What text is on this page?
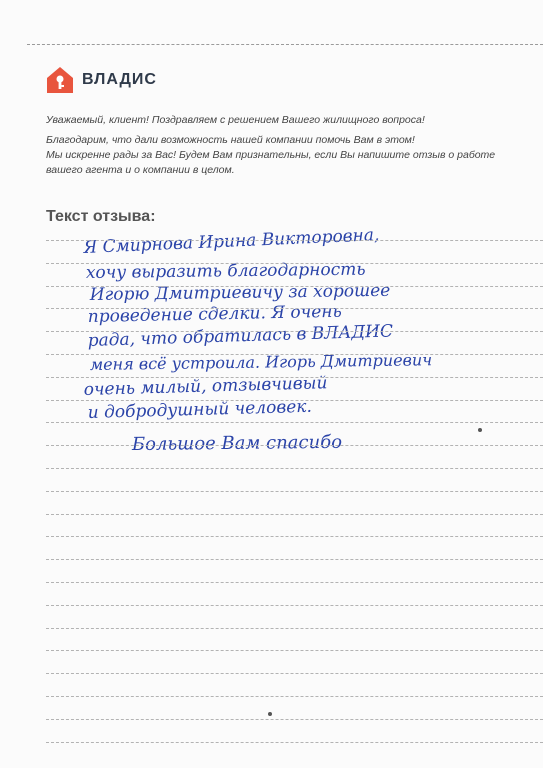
ВЛАДИС

Уважаемый, клиент! Поздравляем с решением Вашего жилищного вопроса!

Благодарим, что дали возможность нашей компании помочь Вам в этом!

Мы искренне рады за Вас! Будем Вам признательны, если Вы напишите отзыв о работе вашего агента и о компании в целом.

Текст отзыва:
Я Смирнова Ирина Викторовна,
хочу выразить благодарность
Игорю Дмитриевичу за хорошее
проведение сделки. Я очень
рада, что обратилась в ВЛАДИС
меня всё устроила. Игорь Дмитриевич
очень милый, отзывчивый
и добродушный человек.
Большое Вам спасибо
